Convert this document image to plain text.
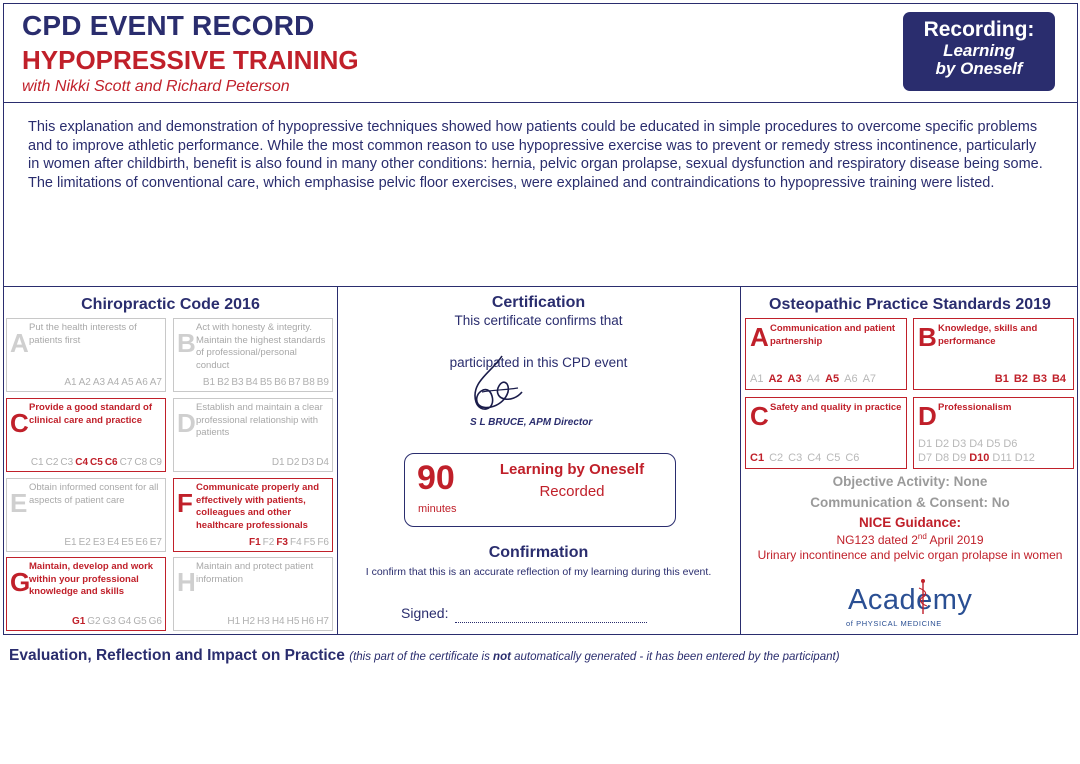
CPD EVENT RECORD
HYPOPRESSIVE TRAINING
with Nikki Scott and Richard Peterson
Recording:
Learning
by Oneself

This explanation and demonstration of hypopressive techniques showed how patients could be educated in simple procedures to overcome specific problems and to improve athletic performance. While the most common reason to use hypopressive exercise was to prevent or remedy stress incontinence, particularly in women after childbirth, benefit is also found in many other conditions: hernia, pelvic organ prolapse, sexual dysfunction and respiratory disease being some.

The limitations of conventional care, which emphasise pelvic floor exercises, were explained and contraindications to hypopressive training were listed.

Chiropractic Code 2016
A
Put the health interests of patients first
A1 A2 A3 A4 A5 A6 A7
B
Act with honesty & integrity. Maintain the highest standards of professional/personal conduct
B1 B2 B3 B4 B5 B6 B7 B8 B9
C
Provide a good standard of clinical care and practice
C1 C2 C3 C4 C5 C6 C7 C8 C9
D
Establish and maintain a clear professional relationship with patients
D1 D2 D3 D4
E
Obtain informed consent for all aspects of patient care
E1 E2 E3 E4 E5 E6 E7
F
Communicate properly and effectively with patients, colleagues and other healthcare professionals
F1 F2 F3 F4 F5 F6
G
Maintain, develop and work within your professional knowledge and skills
G1 G2 G3 G4 G5 G6
H
Maintain and protect patient information
H1 H2 H3 H4 H5 H6 H7
Certification
This certificate confirms that
participated in this CPD event
S L BRUCE, APM Director
90
minutes
Learning by Oneself
Recorded
Confirmation
I confirm that this is an accurate reflection of my learning during this event.
Signed:
Osteopathic Practice Standards 2019
A Communication and patient partnership
A1 A2 A3 A4 A5 A6 A7
B Knowledge, skills and performance
B1 B2 B3 B4
C Safety and quality in practice
C1 C2 C3 C4 C5 C6
D Professionalism
D1 D2 D3 D4 D5 D6
D7 D8 D9 D10 D11 D12
Objective Activity: None
Communication & Consent: No
NICE Guidance:
NG123 dated 2nd April 2019
Urinary incontinence and pelvic organ prolapse in women
Academy
of PHYSICAL MEDICINE
Evaluation, Reflection and Impact on Practice (this part of the certificate is not automatically generated - it has been entered by the participant)
